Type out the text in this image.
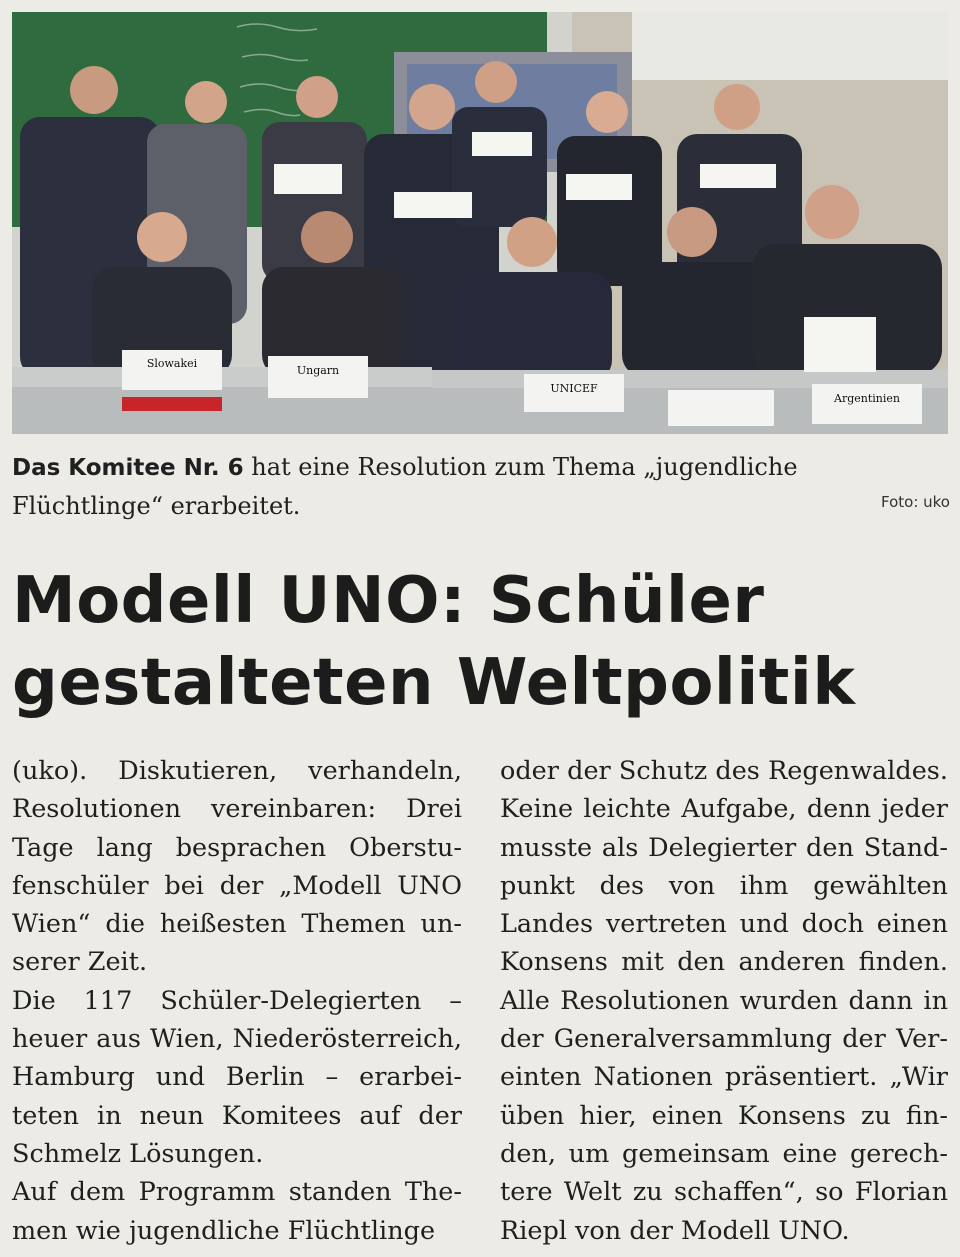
Slowakei
Ungarn
UNICEF
Argentinien
Das Komitee Nr. 6 hat eine Resolution zum Thema „jugendliche Flüchtlinge“ erarbeitet.	Foto: uko
Modell UNO: Schüler
gestalteten Weltpolitik

(uko). Diskutieren, verhandeln, Resolutionen vereinbaren: Drei Tage lang besprachen Oberstufenschüler bei der „Modell UNO Wien“ die heißesten Themen unserer Zeit.

Die 117 Schüler-Delegierten – heuer aus Wien, Niederösterreich, Hamburg und Berlin – erarbeiteten in neun Komitees auf der Schmelz Lösungen.

Auf dem Programm standen Themen wie jugendliche Flüchtlinge

oder der Schutz des Regenwaldes. Keine leichte Aufgabe, denn jeder musste als Delegierter den Standpunkt des von ihm gewählten Landes vertreten und doch einen Konsens mit den anderen finden. Alle Resolutionen wurden dann in der Generalversammlung der Vereinten Nationen präsentiert. „Wir üben hier, einen Konsens zu finden, um gemeinsam eine gerechtere Welt zu schaffen“, so Florian Riepl von der Modell UNO.
